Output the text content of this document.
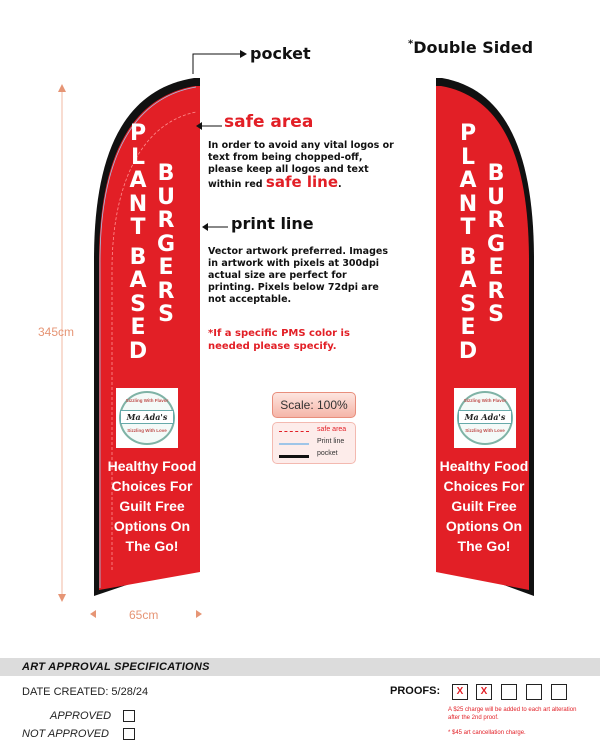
P
L
A
N
T

B
A
S
E
D
B
U
R
G
E
R
S
Sizzling With Flavor
Ma Ada's
Sizzling With Love
Healthy Food
Choices For
Guilt Free
Options On
The Go!
P
L
A
N
T

B
A
S
E
D
B
U
R
G
E
R
S
Sizzling With Flavor
Ma Ada's
Sizzling With Love
Healthy Food
Choices For
Guilt Free
Options On
The Go!
pocket	*Double Sided
safe area
In order to avoid any vital logos or text from being chopped-off, please keep all logos and text within red safe line.
print line
Vector artwork preferred. Images in artwork with pixels at 300dpi actual size are perfect for printing. Pixels below 72dpi are not acceptable.
*If a specific PMS color is needed please specify.
345cm
65cm
Scale: 100%
safe area
Print line
pocket
ART APPROVAL SPECIFICATIONS
DATE CREATED: 5/28/24
APPROVED
NOT APPROVED
PROOFS:	X	X
A $25 charge will be added to each art alteration after the 2nd proof.
* $45 art cancellation charge.
